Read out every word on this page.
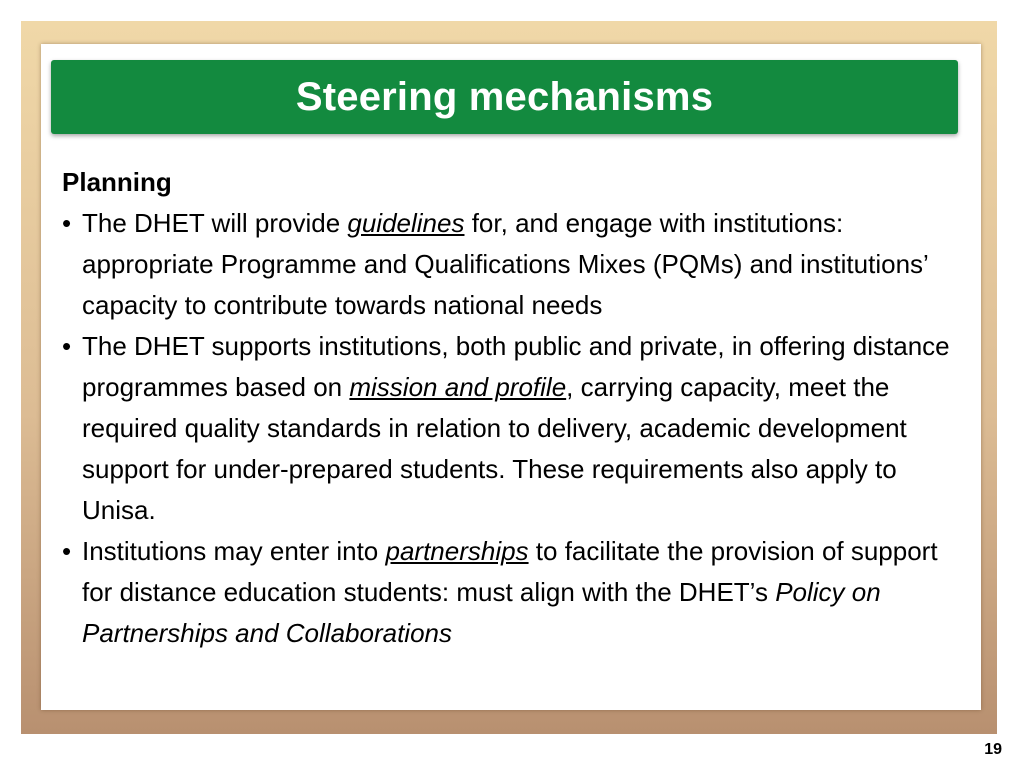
Steering mechanisms

Planning

• The DHET will provide guidelines for, and engage with institutions: appropriate Programme and Qualifications Mixes (PQMs) and institutions’ capacity to contribute towards national needs
• The DHET supports institutions, both public and private, in offering distance programmes based on mission and profile, carrying capacity, meet the required quality standards in relation to delivery, academic development support for under-prepared students. These requirements also apply to Unisa.
• Institutions may enter into partnerships to facilitate the provision of support for distance education students: must align with the DHET’s Policy on Partnerships and Collaborations
19
